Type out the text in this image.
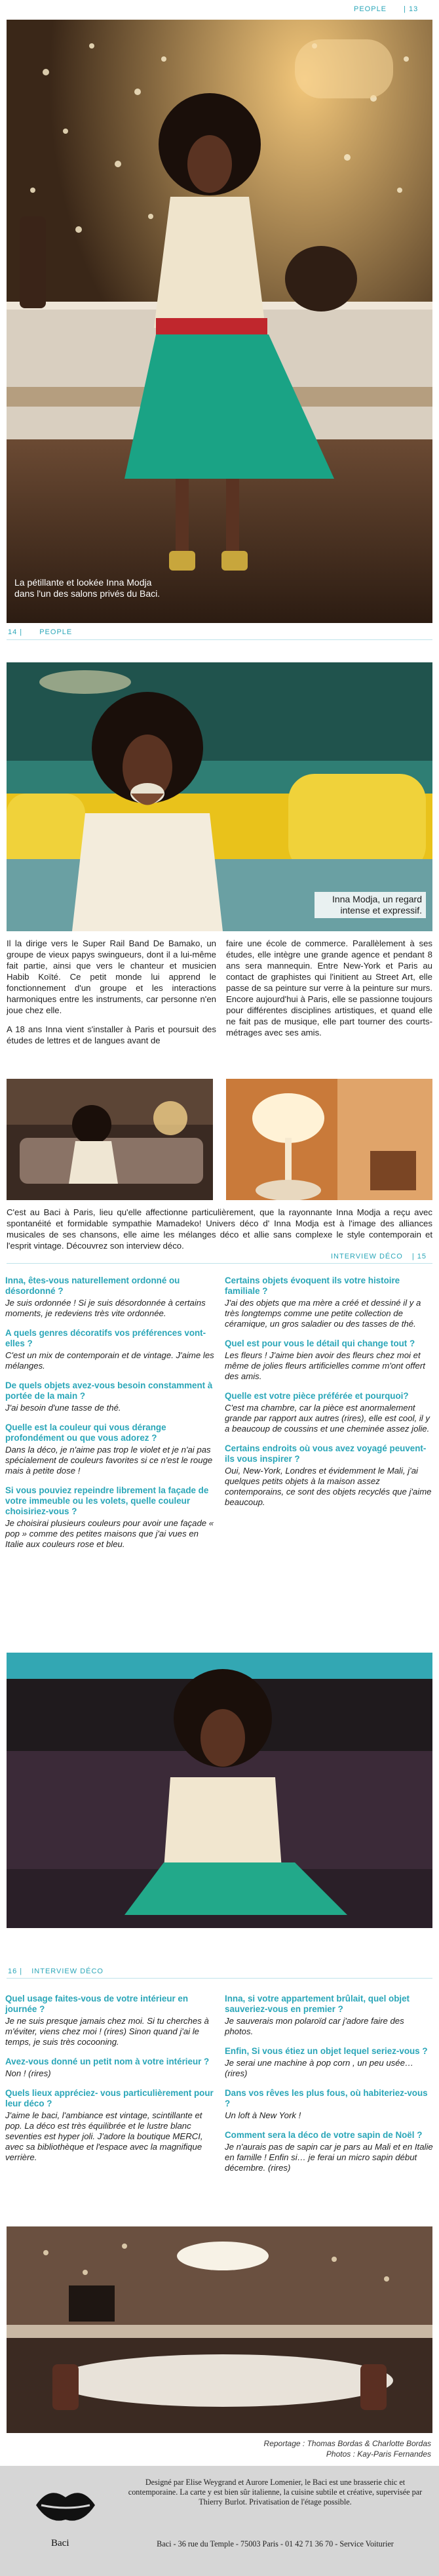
PEOPLE | 13
La pétillante et lookée Inna Modja dans l'un des salons privés du Baci.
14 | PEOPLE
Inna Modja, un regard intense et expressif.

Il la dirige vers le Super Rail Band De Bamako, un groupe de vieux papys swingueurs, dont il a lui-même fait partie, ainsi que vers le chanteur et musicien Habib Koïté. Ce petit monde lui apprend le fonctionnement d'un groupe et les interactions harmoniques entre les instruments, car personne n'en joue chez elle.

A 18 ans Inna vient s'installer à Paris et poursuit des études de lettres et de langues avant de

faire une école de commerce. Parallèlement à ses études, elle intègre une grande agence et pendant 8 ans sera mannequin. Entre New-York et Paris au contact de graphistes qui l'initient au Street Art, elle passe de sa peinture sur verre à la peinture sur murs. Encore aujourd'hui à Paris, elle se passionne toujours pour différentes disciplines artistiques, et quand elle ne fait pas de musique, elle part tourner des courts-métrages avec ses amis.

C'est au Baci à Paris, lieu qu'elle affectionne particulièrement, que la rayonnante Inna Modja a reçu avec spontanéité et formidable sympathie Mamadeko! Univers déco d' Inna Modja est à l'image des alliances musicales de ses chansons, elle aime les mélanges déco et allie sans complexe le style contemporain et l'esprit vintage. Découvrez son interview déco.
INTERVIEW DÉCO | 15
Inna, êtes-vous naturellement ordonné ou désordonné ?
Je suis ordonnée ! Si je suis désordonnée à certains moments, je redeviens très vite ordonnée.
A quels genres décoratifs vos préférences vont-elles ?
C'est un mix de contemporain et de vintage. J'aime les mélanges.
De quels objets avez-vous besoin constamment à portée de la main ?
J'ai besoin d'une tasse de thé.
Quelle est la couleur qui vous dérange profondément ou que vous adorez ?
Dans la déco, je n'aime pas trop le violet et je n'ai pas spécialement de couleurs favorites si ce n'est le rouge mais à petite dose !
Si vous pouviez repeindre librement la façade de votre immeuble ou les volets, quelle couleur choisiriez-vous ?
Je choisirai plusieurs couleurs pour avoir une façade « pop » comme des petites maisons que j'ai vues en Italie aux couleurs rose et bleu.
Certains objets évoquent ils votre histoire familiale ?
J'ai des objets que ma mère a créé et dessiné il y a très longtemps comme une petite collection de céramique, un gros saladier ou des tasses de thé.
Quel est pour vous le détail qui change tout ?
Les fleurs ! J'aime bien avoir des fleurs chez moi et même de jolies fleurs artificielles comme m'ont offert des amis.
Quelle est votre pièce préférée et pourquoi?
C'est ma chambre, car la pièce est anormalement grande par rapport aux autres (rires), elle est cool, il y a beaucoup de coussins et une cheminée assez jolie.
Certains endroits où vous avez voyagé peuvent-ils vous inspirer ?
Oui, New-York, Londres et évidemment le Mali, j'ai quelques petits objets à la maison assez contemporains, ce sont des objets recyclés que j'aime beaucoup.
16 | INTERVIEW DÉCO
Quel usage faites-vous de votre intérieur en journée ?
Je ne suis presque jamais chez moi. Si tu cherches à m'éviter, viens chez moi ! (rires) Sinon quand j'ai le temps, je suis très cocooning.
Avez-vous donné un petit nom à votre intérieur ?
Non ! (rires)
Quels lieux appréciez- vous particulièrement pour leur déco ?
J'aime le baci, l'ambiance est vintage, scintillante et pop. La déco est très équilibrée et le lustre blanc seventies est hyper joli. J'adore la boutique MERCI, avec sa bibliothèque et l'espace avec la magnifique verrière.
Inna, si votre appartement brûlait, quel objet sauveriez-vous en premier ?
Je sauverais mon polaroïd car j'adore faire des photos.
Enfin, Si vous étiez un objet lequel seriez-vous ?
Je serai une machine à pop corn , un peu usée… (rires)
Dans vos rêves les plus fous, où habiteriez-vous ?
Un loft à New York !
Comment sera la déco de votre sapin de Noël ?
Je n'aurais pas de sapin car je pars au Mali et en Italie en famille ! Enfin si… je ferai un micro sapin début décembre. (rires)
Reportage : Thomas Bordas & Charlotte Bordas
Photos : Kay-Paris Fernandes
Baci
Designé par Elise Weygrand et Aurore Lomenier, le Baci est une brasserie chic et contemporaine. La carte y est bien sûr italienne, la cuisine subtile et créative, supervisée par Thierry Burlot. Privatisation de l'étage possible.
Baci - 36 rue du Temple - 75003 Paris - 01 42 71 36 70 - Service Voiturier
